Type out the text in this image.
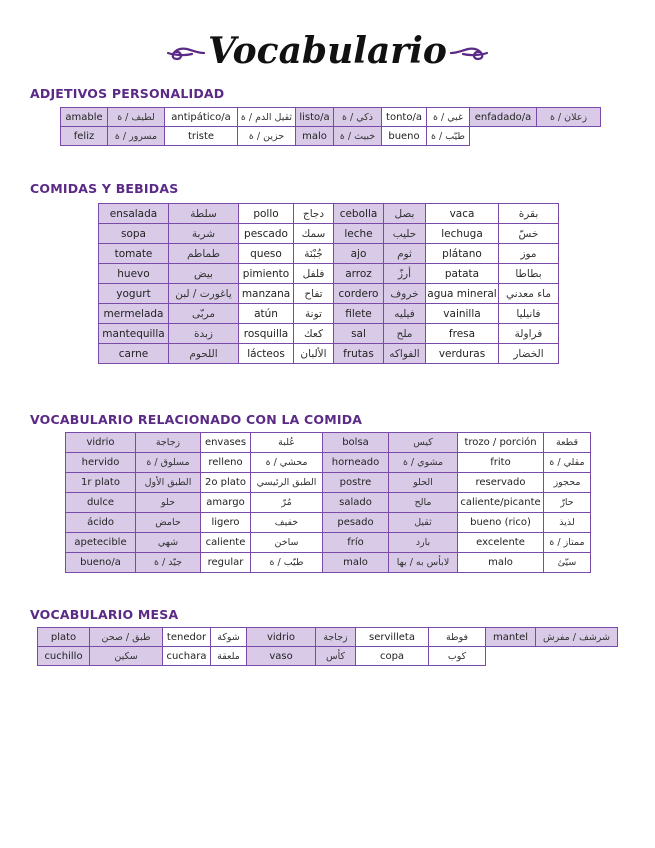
Vocabulario
ADJETIVOS PERSONALIDAD
amable	لطيف / ة	antipático/a	ثقيل الدم / ة	listo/a	ذكي / ة	tonto/a	غبي / ة	enfadado/a	زعلان / ة
feliz	مسرور / ة	triste	حزين / ة	malo	خبيث / ة	bueno	طيّب / ة		
COMIDAS Y BEBIDAS
ensalada	سلطة	pollo	دجاج	cebolla	بصل	vaca	بقرة
sopa	شربة	pescado	سمك	leche	حليب	lechuga	خسّ
tomate	طماطم	queso	جُبْنَة	ajo	ثوم	plátano	موز
huevo	بيض	pimiento	فلفل	arroz	أرزّ	patata	بطاطا
yogurt	ياغورت / لبن	manzana	تفاح	cordero	خروف	agua mineral	ماء معدني
mermelada	مربّى	atún	تونة	filete	فيليه	vainilla	فانيليا
mantequilla	زبدة	rosquilla	كعك	sal	ملح	fresa	فراولة
carne	اللحوم	lácteos	الألبان	frutas	الفواكه	verduras	الخضار
VOCABULARIO RELACIONADO CON LA COMIDA
vidrio	زجاجة	envases	عُلبة	bolsa	كيس	trozo / porción	قطعة
hervido	مسلوق / ة	relleno	محشي / ة	horneado	مشوي / ة	frito	مقلي / ة
1r plato	الطبق الأول	2o plato	الطبق الرئيسي	postre	الحلو	reservado	محجوز
dulce	حلو	amargo	مُرّ	salado	مالح	caliente/picante	حارّ
ácido	حامض	ligero	خفيف	pesado	ثقيل	bueno (rico)	لذيذ
apetecible	شهي	caliente	ساخن	frío	بارد	excelente	ممتاز / ة
bueno/a	جيّد / ة	regular	طيّب / ة	malo	لابأس به / بها	malo	سيّئ
VOCABULARIO MESA
plato	طبق / صحن	tenedor	شوكة	vidrio	زجاجة	servilleta	فوطة	mantel	شرشف / مفرش
cuchillo	سكين	cuchara	ملعقة	vaso	كأس	copa	كوب		
